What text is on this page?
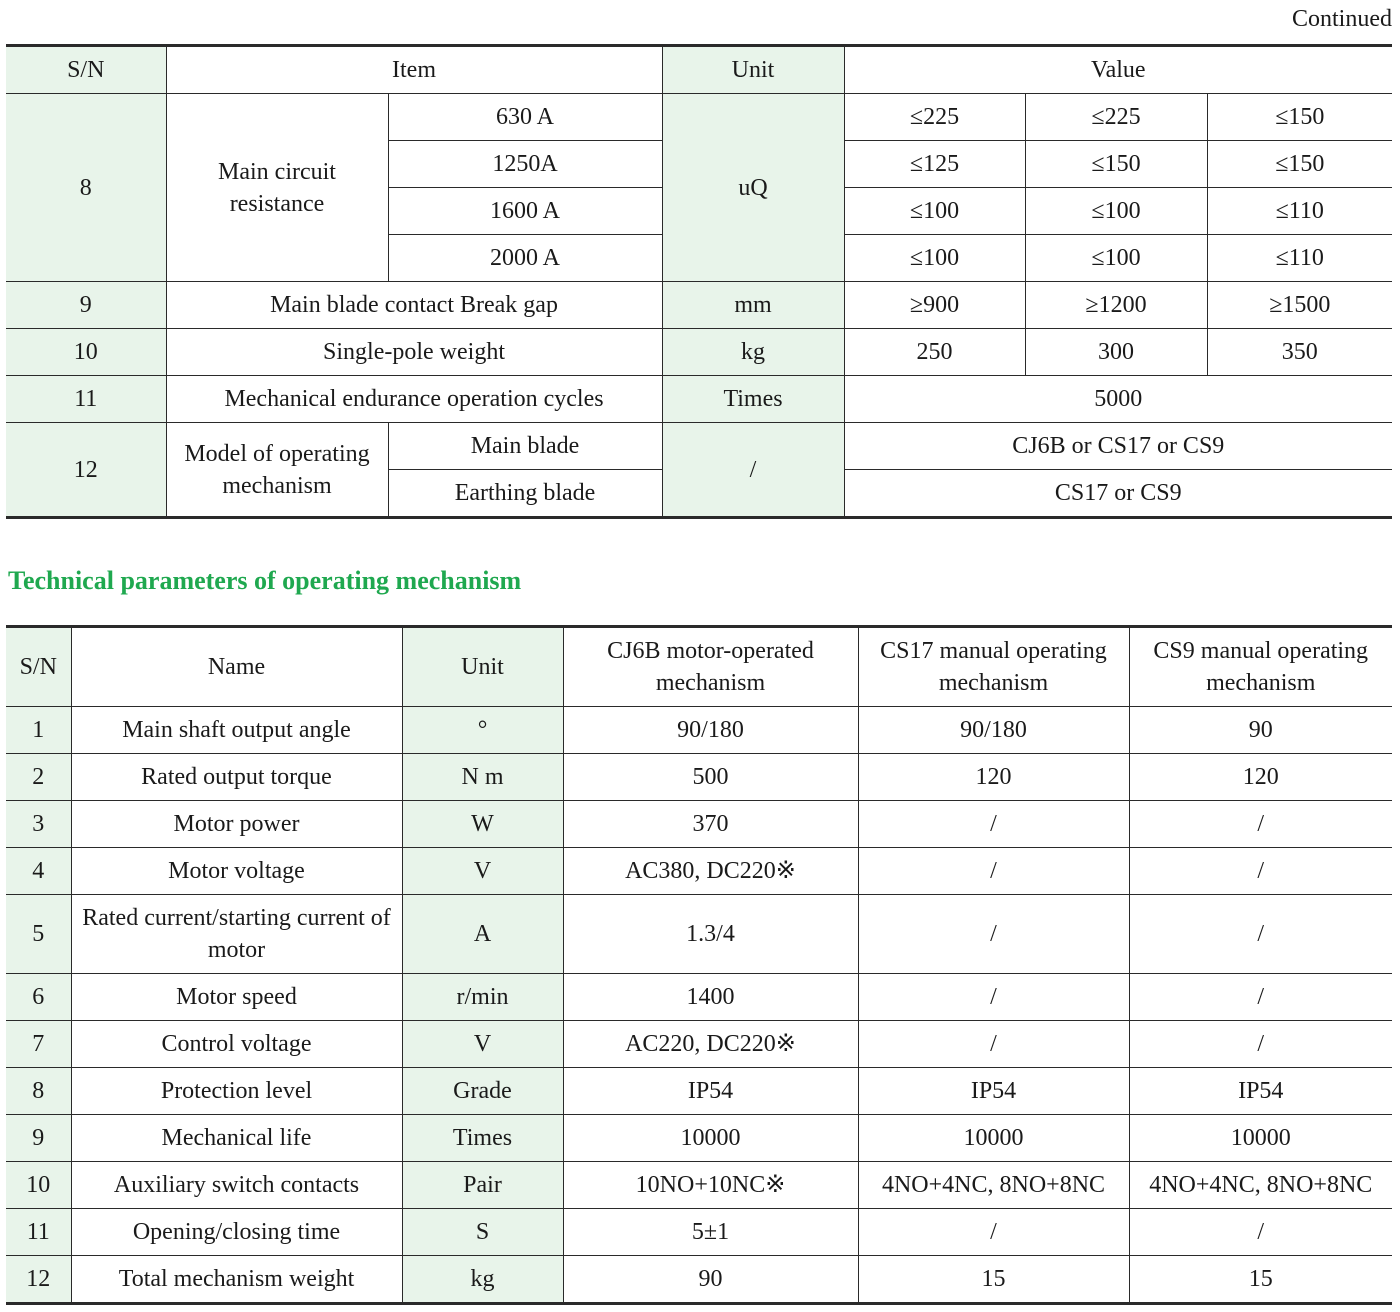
Continued
S/N	Item		Unit	Value		
8	Main circuit resistance	630 A	uQ	≤225	≤225	≤150
		1250A		≤125	≤150	≤150
		1600 A		≤100	≤100	≤110
		2000 A		≤100	≤100	≤110
9	Main blade contact Break gap		mm	≥900	≥1200	≥1500
10	Single-pole weight		kg	250	300	350
11	Mechanical endurance operation cycles		Times	5000		
12	Model of operating mechanism	Main blade	/	CJ6B or CS17 or CS9		
		Earthing blade		CS17 or CS9		
Technical parameters of operating mechanism
S/N	Name	Unit	CJ6B motor-operated mechanism	CS17 manual operating mechanism	CS9 manual operating mechanism
1	Main shaft output angle	°	90/180	90/180	90
2	Rated output torque	N m	500	120	120
3	Motor power	W	370	/	/
4	Motor voltage	V	AC380, DC220※	/	/
5	Rated current/starting current of motor	A	1.3/4	/	/
6	Motor speed	r/min	1400	/	/
7	Control voltage	V	AC220, DC220※	/	/
8	Protection level	Grade	IP54	IP54	IP54
9	Mechanical life	Times	10000	10000	10000
10	Auxiliary switch contacts	Pair	10NO+10NC※	4NO+4NC, 8NO+8NC	4NO+4NC, 8NO+8NC
11	Opening/closing time	S	5±1	/	/
12	Total mechanism weight	kg	90	15	15
